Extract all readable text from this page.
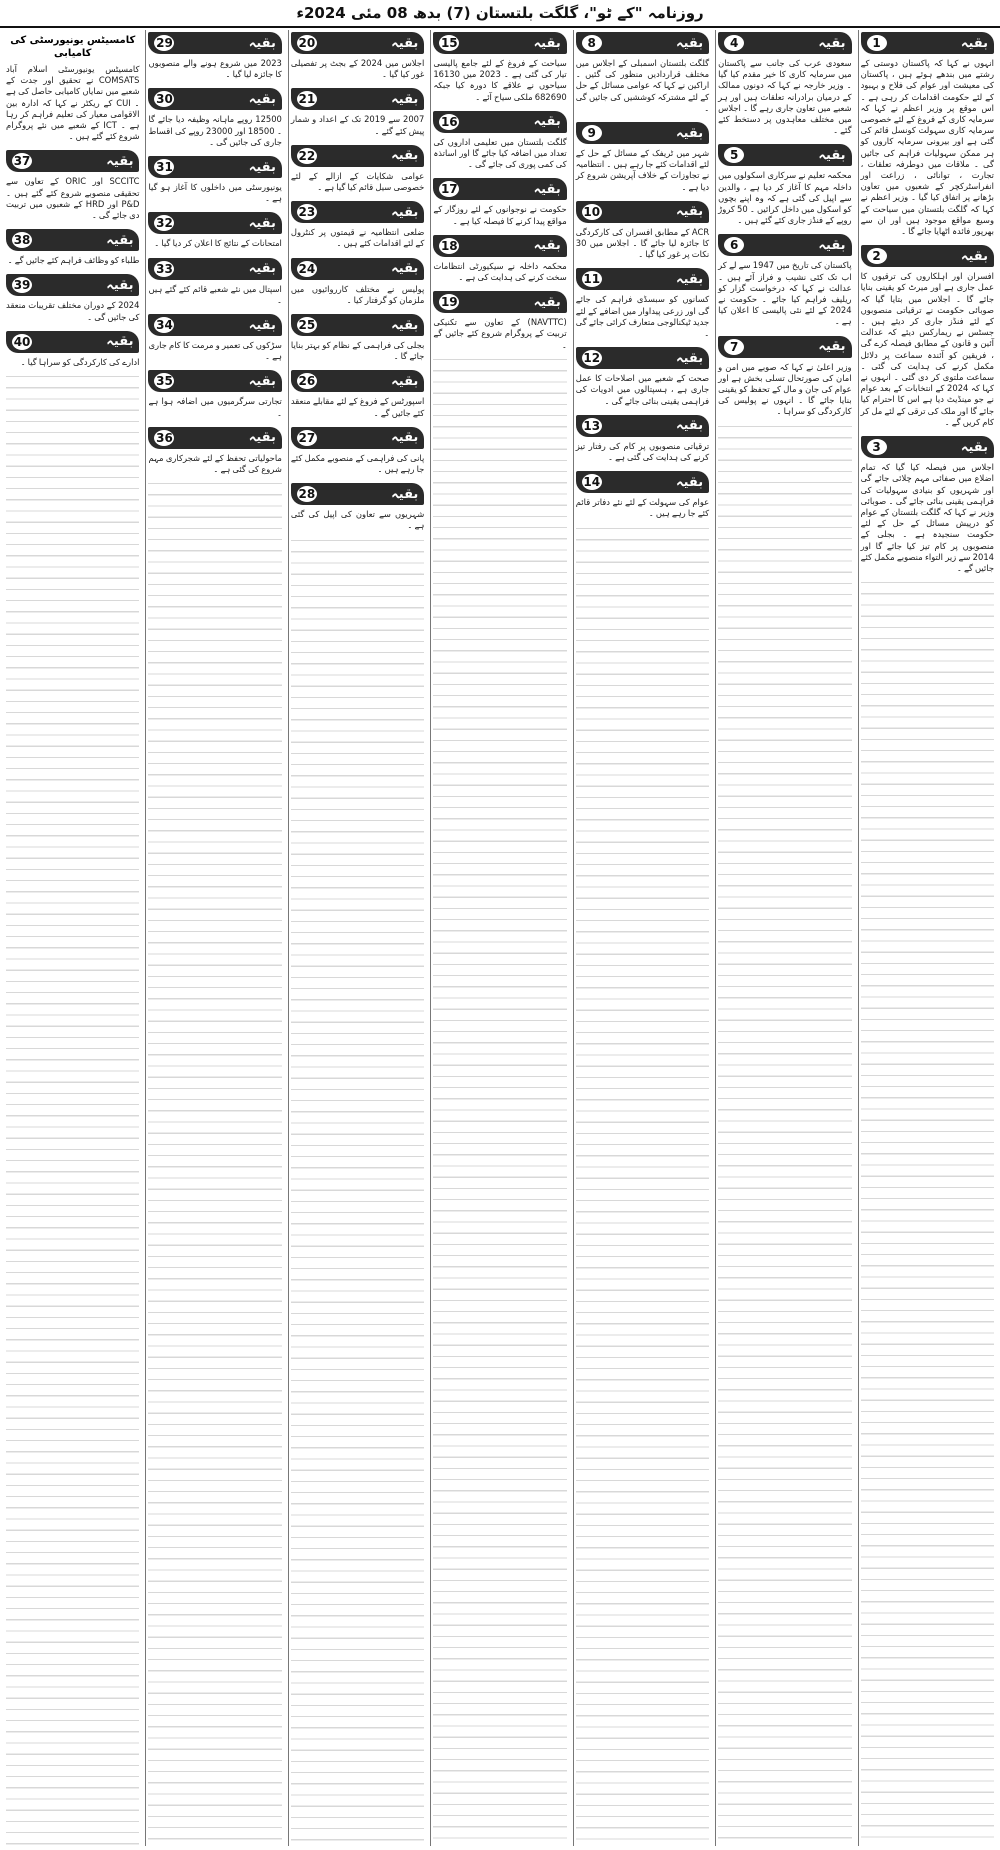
روزنامہ "کے ٹو"، گلگت بلتستان (7) بدھ 08 مئی 2024ء
بقیہ
1
انہوں نے کہا کہ پاکستان دوستی کے رشتے میں بندھے ہوئے ہیں ، پاکستان کی معیشت اور عوام کی فلاح و بہبود کے لئے حکومت اقدامات کر رہی ہے ۔ اس موقع پر وزیر اعظم نے کہا کہ سرمایہ کاری کے فروغ کے لئے خصوصی سرمایہ کاری سہولت کونسل قائم کی گئی ہے اور بیرونی سرمایہ کاروں کو ہر ممکن سہولیات فراہم کی جائیں گی ۔ ملاقات میں دوطرفہ تعلقات ، تجارت ، توانائی ، زراعت اور انفراسٹرکچر کے شعبوں میں تعاون بڑھانے پر اتفاق کیا گیا ۔ وزیر اعظم نے کہا کہ گلگت بلتستان میں سیاحت کے وسیع مواقع موجود ہیں اور ان سے بھرپور فائدہ اٹھایا جائے گا ۔
بقیہ
2
افسران اور اہلکاروں کی ترقیوں کا عمل جاری ہے اور میرٹ کو یقینی بنایا جائے گا ۔ اجلاس میں بتایا گیا کہ صوبائی حکومت نے ترقیاتی منصوبوں کے لئے فنڈز جاری کر دیئے ہیں ۔ جسٹس نے ریمارکس دیئے کہ عدالت آئین و قانون کے مطابق فیصلہ کرے گی ، فریقین کو آئندہ سماعت پر دلائل مکمل کرنے کی ہدایت کی گئی ۔ سماعت ملتوی کر دی گئی ۔ انہوں نے کہا کہ 2024 کے انتخابات کے بعد عوام نے جو مینڈیٹ دیا ہے اس کا احترام کیا جائے گا اور ملک کی ترقی کے لئے مل کر کام کریں گے ۔
بقیہ
3
اجلاس میں فیصلہ کیا گیا کہ تمام اضلاع میں صفائی مہم چلائی جائے گی اور شہریوں کو بنیادی سہولیات کی فراہمی یقینی بنائی جائے گی ۔ صوبائی وزیر نے کہا کہ گلگت بلتستان کے عوام کو درپیش مسائل کے حل کے لئے حکومت سنجیدہ ہے ۔ بجلی کے منصوبوں پر کام تیز کیا جائے گا اور 2014 سے زیر التواء منصوبے مکمل کئے جائیں گے ۔
بقیہ
4
سعودی عرب کی جانب سے پاکستان میں سرمایہ کاری کا خیر مقدم کیا گیا ۔ وزیر خارجہ نے کہا کہ دونوں ممالک کے درمیان برادرانہ تعلقات ہیں اور ہر شعبے میں تعاون جاری رہے گا ۔ اجلاس میں مختلف معاہدوں پر دستخط کئے گئے ۔
بقیہ
5
محکمہ تعلیم نے سرکاری اسکولوں میں داخلہ مہم کا آغاز کر دیا ہے ، والدین سے اپیل کی گئی ہے کہ وہ اپنے بچوں کو اسکول میں داخل کرائیں ۔ 50 کروڑ روپے کے فنڈز جاری کئے گئے ہیں ۔
بقیہ
6
پاکستان کی تاریخ میں 1947 سے لے کر اب تک کئی نشیب و فراز آئے ہیں ۔ عدالت نے کہا کہ درخواست گزار کو ریلیف فراہم کیا جائے ۔ حکومت نے 2024 کے لئے نئی پالیسی کا اعلان کیا ہے ۔
بقیہ
7
وزیر اعلیٰ نے کہا کہ صوبے میں امن و امان کی صورتحال تسلی بخش ہے اور عوام کی جان و مال کے تحفظ کو یقینی بنایا جائے گا ۔ انہوں نے پولیس کی کارکردگی کو سراہا ۔
بقیہ
8
گلگت بلتستان اسمبلی کے اجلاس میں مختلف قراردادیں منظور کی گئیں ۔ اراکین نے کہا کہ عوامی مسائل کے حل کے لئے مشترکہ کوششیں کی جائیں گی ۔
بقیہ
9
شہر میں ٹریفک کے مسائل کے حل کے لئے اقدامات کئے جا رہے ہیں ۔ انتظامیہ نے تجاوزات کے خلاف آپریشن شروع کر دیا ہے ۔
بقیہ
10
ACR کے مطابق افسران کی کارکردگی کا جائزہ لیا جائے گا ۔ اجلاس میں 30 نکات پر غور کیا گیا ۔
بقیہ
11
کسانوں کو سبسڈی فراہم کی جائے گی اور زرعی پیداوار میں اضافے کے لئے جدید ٹیکنالوجی متعارف کرائی جائے گی ۔
بقیہ
12
صحت کے شعبے میں اصلاحات کا عمل جاری ہے ، ہسپتالوں میں ادویات کی فراہمی یقینی بنائی جائے گی ۔
بقیہ
13
ترقیاتی منصوبوں پر کام کی رفتار تیز کرنے کی ہدایت کی گئی ہے ۔
بقیہ
14
عوام کی سہولت کے لئے نئے دفاتر قائم کئے جا رہے ہیں ۔
بقیہ
15
سیاحت کے فروغ کے لئے جامع پالیسی تیار کی گئی ہے ۔ 2023 میں 16130 سیاحوں نے علاقے کا دورہ کیا جبکہ 682690 ملکی سیاح آئے ۔
بقیہ
16
گلگت بلتستان میں تعلیمی اداروں کی تعداد میں اضافہ کیا جائے گا اور اساتذہ کی کمی پوری کی جائے گی ۔
بقیہ
17
حکومت نے نوجوانوں کے لئے روزگار کے مواقع پیدا کرنے کا فیصلہ کیا ہے ۔
بقیہ
18
محکمہ داخلہ نے سیکیورٹی انتظامات سخت کرنے کی ہدایت کی ہے ۔
بقیہ
19
(NAVTTC) کے تعاون سے تکنیکی تربیت کے پروگرام شروع کئے جائیں گے ۔
بقیہ
20
اجلاس میں 2024 کے بجٹ پر تفصیلی غور کیا گیا ۔
بقیہ
21
2007 سے 2019 تک کے اعداد و شمار پیش کئے گئے ۔
بقیہ
22
عوامی شکایات کے ازالے کے لئے خصوصی سیل قائم کیا گیا ہے ۔
بقیہ
23
ضلعی انتظامیہ نے قیمتوں پر کنٹرول کے لئے اقدامات کئے ہیں ۔
بقیہ
24
پولیس نے مختلف کارروائیوں میں ملزمان کو گرفتار کیا ۔
بقیہ
25
بجلی کی فراہمی کے نظام کو بہتر بنایا جائے گا ۔
بقیہ
26
اسپورٹس کے فروغ کے لئے مقابلے منعقد کئے جائیں گے ۔
بقیہ
27
پانی کی فراہمی کے منصوبے مکمل کئے جا رہے ہیں ۔
بقیہ
28
شہریوں سے تعاون کی اپیل کی گئی ہے ۔
بقیہ
29
2023 میں شروع ہونے والے منصوبوں کا جائزہ لیا گیا ۔
بقیہ
30
12500 روپے ماہانہ وظیفہ دیا جائے گا ۔ 18500 اور 23000 روپے کی اقساط جاری کی جائیں گی ۔
بقیہ
31
یونیورسٹی میں داخلوں کا آغاز ہو گیا ہے ۔
بقیہ
32
امتحانات کے نتائج کا اعلان کر دیا گیا ۔
بقیہ
33
اسپتال میں نئے شعبے قائم کئے گئے ہیں ۔
بقیہ
34
سڑکوں کی تعمیر و مرمت کا کام جاری ہے ۔
بقیہ
35
تجارتی سرگرمیوں میں اضافہ ہوا ہے ۔
بقیہ
36
ماحولیاتی تحفظ کے لئے شجرکاری مہم شروع کی گئی ہے ۔
کامسیٹس یونیورسٹی کی کامیابی
کامسیٹس یونیورسٹی اسلام آباد COMSATS نے تحقیق اور جدت کے شعبے میں نمایاں کامیابی حاصل کی ہے ۔ CUI کے ریکٹر نے کہا کہ ادارہ بین الاقوامی معیار کی تعلیم فراہم کر رہا ہے ۔ ICT کے شعبے میں نئے پروگرام شروع کئے گئے ہیں ۔
بقیہ
37
SCCITC اور ORIC کے تعاون سے تحقیقی منصوبے شروع کئے گئے ہیں ۔ P&D اور HRD کے شعبوں میں تربیت دی جائے گی ۔
بقیہ
38
طلباء کو وظائف فراہم کئے جائیں گے ۔
بقیہ
39
2024 کے دوران مختلف تقریبات منعقد کی جائیں گی ۔
بقیہ
40
ادارے کی کارکردگی کو سراہا گیا ۔
